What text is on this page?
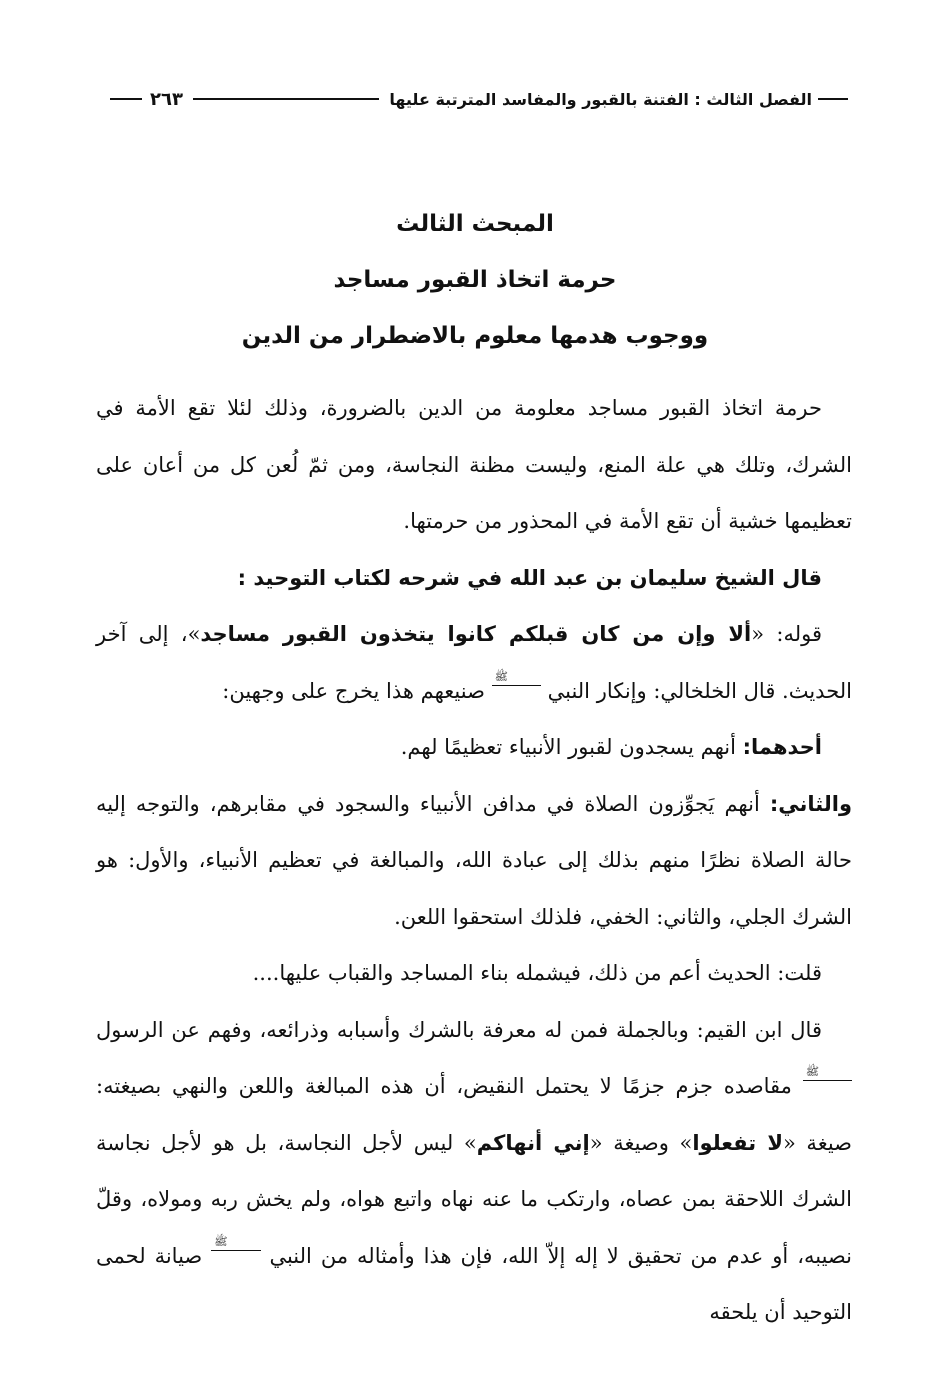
الفصل الثالث : الفتنة بالقبور والمفاسد المترتبة عليها
٢٦٣
المبحث الثالث
حرمة اتخاذ القبور مساجد
ووجوب هدمها معلوم بالاضطرار من الدين

حرمة اتخاذ القبور مساجد معلومة من الدين بالضرورة، وذلك لئلا تقع الأمة في الشرك، وتلك هي علة المنع، وليست مظنة النجاسة، ومن ثمّ لُعن كل من أعان على تعظيمها خشية أن تقع الأمة في المحذور من حرمتها.

قال الشيخ سليمان بن عبد الله في شرحه لكتاب التوحيد :

قوله: «ألا وإن من كان قبلكم كانوا يتخذون القبور مساجد»، إلى آخر الحديث. قال الخلخالي: وإنكار النبي ﷺ صنيعهم هذا يخرج على وجهين:

أحدهما: أنهم يسجدون لقبور الأنبياء تعظيمًا لهم.

والثاني: أنهم يَجوِّزون الصلاة في مدافن الأنبياء والسجود في مقابرهم، والتوجه إليه حالة الصلاة نظرًا منهم بذلك إلى عبادة الله، والمبالغة في تعظيم الأنبياء، والأول: هو الشرك الجلي، والثاني: الخفي، فلذلك استحقوا اللعن.

قلت: الحديث أعم من ذلك، فيشمله بناء المساجد والقباب عليها....

قال ابن القيم: وبالجملة فمن له معرفة بالشرك وأسبابه وذرائعه، وفهم عن الرسول ﷺ مقاصده جزم جزمًا لا يحتمل النقيض، أن هذه المبالغة واللعن والنهي بصيغته: صيغة «لا تفعلوا» وصيغة «إني أنهاكم» ليس لأجل النجاسة، بل هو لأجل نجاسة الشرك اللاحقة بمن عصاه، وارتكب ما عنه نهاه واتبع هواه، ولم يخش ربه ومولاه، وقلّ نصيبه، أو عدم من تحقيق لا إله إلاّ الله، فإن هذا وأمثاله من النبي ﷺ صيانة لحمى التوحيد أن يلحقه
